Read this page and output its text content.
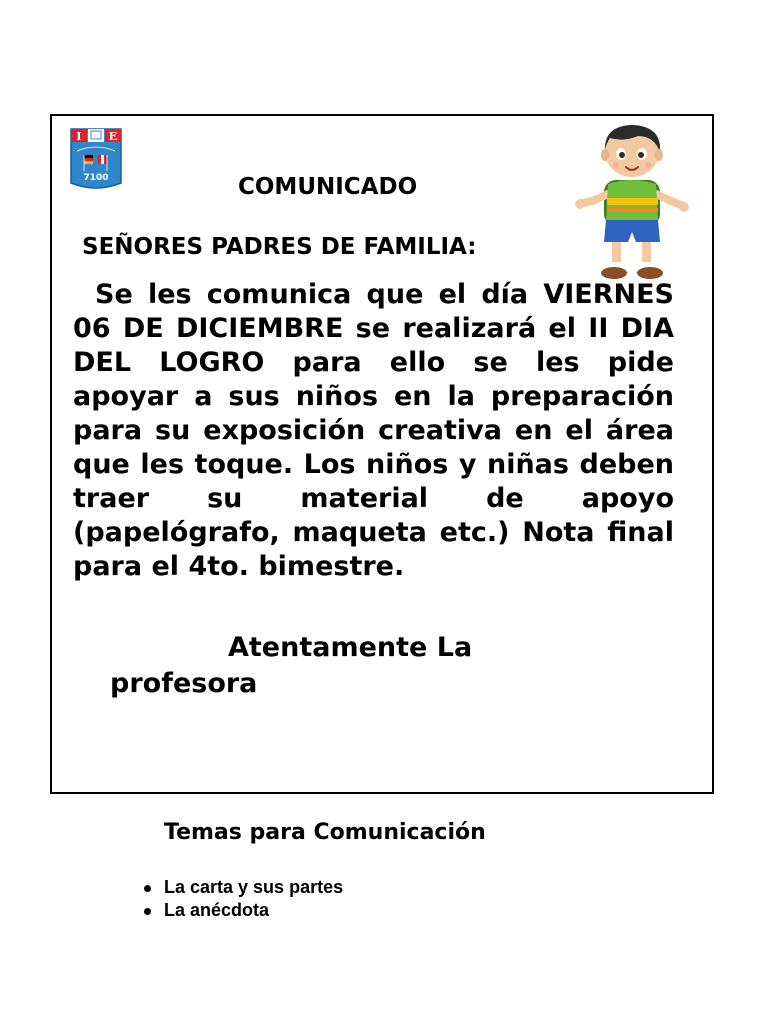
I E
7100	COMUNICADO

SEÑORES PADRES DE FAMILIA:

Se les comunica que el día VIERNES 06 DE DICIEMBRE se realizará el II DIA DEL LOGRO para ello se les pide apoyar a sus niños en la preparación para su exposición creativa en el área que les toque. Los niños y niñas deben traer su material de apoyo (papelógrafo, maqueta etc.) Nota final para el 4to. bimestre.

Atentamente La

profesora

Temas para Comunicación
La carta y sus partes
La anécdota
